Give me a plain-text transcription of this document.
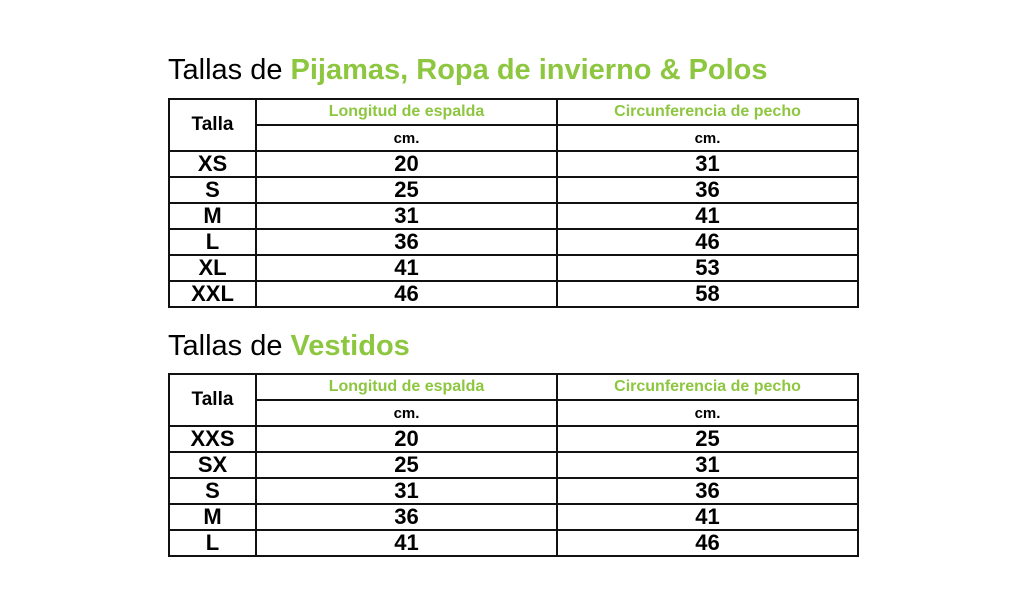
Tallas de Pijamas, Ropa de invierno & Polos
Talla	Longitud de espalda	Circunferencia de pecho
	cm.	cm.
XS	20	31
S	25	36
M	31	41
L	36	46
XL	41	53
XXL	46	58
Tallas de Vestidos
Talla	Longitud de espalda	Circunferencia de pecho
	cm.	cm.
XXS	20	25
SX	25	31
S	31	36
M	36	41
L	41	46
